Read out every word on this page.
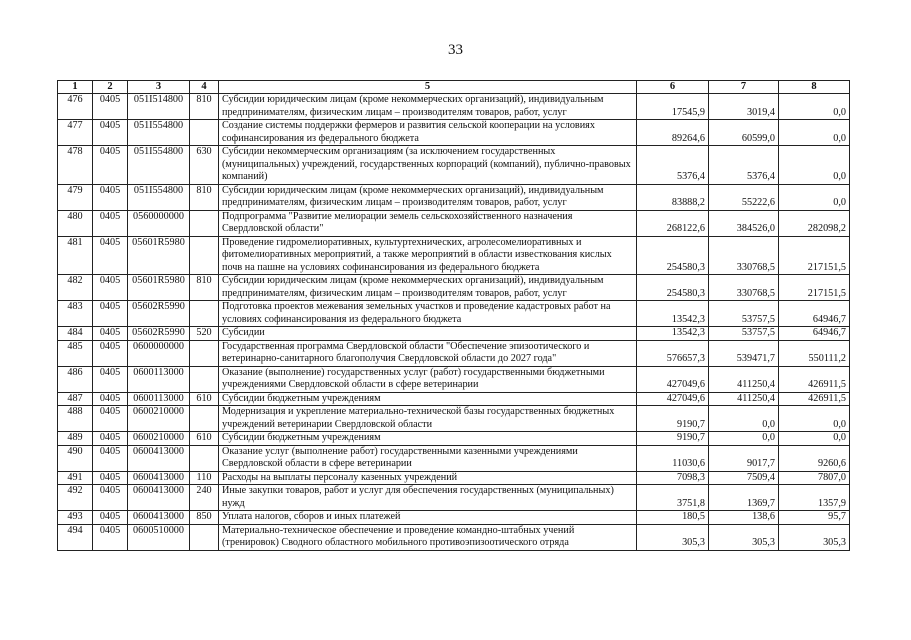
33
1	2	3	4	5	6	7	8
476	0405	051I514800	810	Субсидии юридическим лицам (кроме некоммерческих организаций), индивидуальным предпринимателям, физическим лицам – производителям товаров, работ, услуг	17545,9	3019,4	0,0
477	0405	051I554800		Создание системы поддержки фермеров и развития сельской кооперации на условиях софинансирования из федерального бюджета	89264,6	60599,0	0,0
478	0405	051I554800	630	Субсидии некоммерческим организациям (за исключением государственных (муниципальных) учреждений, государственных корпораций (компаний), публично-правовых компаний)	5376,4	5376,4	0,0
479	0405	051I554800	810	Субсидии юридическим лицам (кроме некоммерческих организаций), индивидуальным предпринимателям, физическим лицам – производителям товаров, работ, услуг	83888,2	55222,6	0,0
480	0405	0560000000		Подпрограмма "Развитие мелиорации земель сельскохозяйственного назначения Свердловской области"	268122,6	384526,0	282098,2
481	0405	05601R5980		Проведение гидромелиоративных, культуртехнических, агролесомелиоративных и фитомелиоративных мероприятий, а также мероприятий в области известкования кислых почв на пашне на условиях софинансирования из федерального бюджета	254580,3	330768,5	217151,5
482	0405	05601R5980	810	Субсидии юридическим лицам (кроме некоммерческих организаций), индивидуальным предпринимателям, физическим лицам – производителям товаров, работ, услуг	254580,3	330768,5	217151,5
483	0405	05602R5990		Подготовка проектов межевания земельных участков и проведение кадастровых работ на условиях софинансирования из федерального бюджета	13542,3	53757,5	64946,7
484	0405	05602R5990	520	Субсидии	13542,3	53757,5	64946,7
485	0405	0600000000		Государственная программа Свердловской области "Обеспечение эпизоотического и ветеринарно-санитарного благополучия Свердловской области до 2027 года"	576657,3	539471,7	550111,2
486	0405	0600113000		Оказание (выполнение) государственных услуг (работ) государственными бюджетными учреждениями Свердловской области в сфере ветеринарии	427049,6	411250,4	426911,5
487	0405	0600113000	610	Субсидии бюджетным учреждениям	427049,6	411250,4	426911,5
488	0405	0600210000		Модернизация и укрепление материально-технической базы государственных бюджетных учреждений ветеринарии Свердловской области	9190,7	0,0	0,0
489	0405	0600210000	610	Субсидии бюджетным учреждениям	9190,7	0,0	0,0
490	0405	0600413000		Оказание услуг (выполнение работ) государственными казенными учреждениями Свердловской области в сфере ветеринарии	11030,6	9017,7	9260,6
491	0405	0600413000	110	Расходы на выплаты персоналу казенных учреждений	7098,3	7509,4	7807,0
492	0405	0600413000	240	Иные закупки товаров, работ и услуг для обеспечения государственных (муниципальных) нужд	3751,8	1369,7	1357,9
493	0405	0600413000	850	Уплата налогов, сборов и иных платежей	180,5	138,6	95,7
494	0405	0600510000		Материально-техническое обеспечение и проведение командно-штабных учений (тренировок) Сводного областного мобильного противоэпизоотического отряда	305,3	305,3	305,3
